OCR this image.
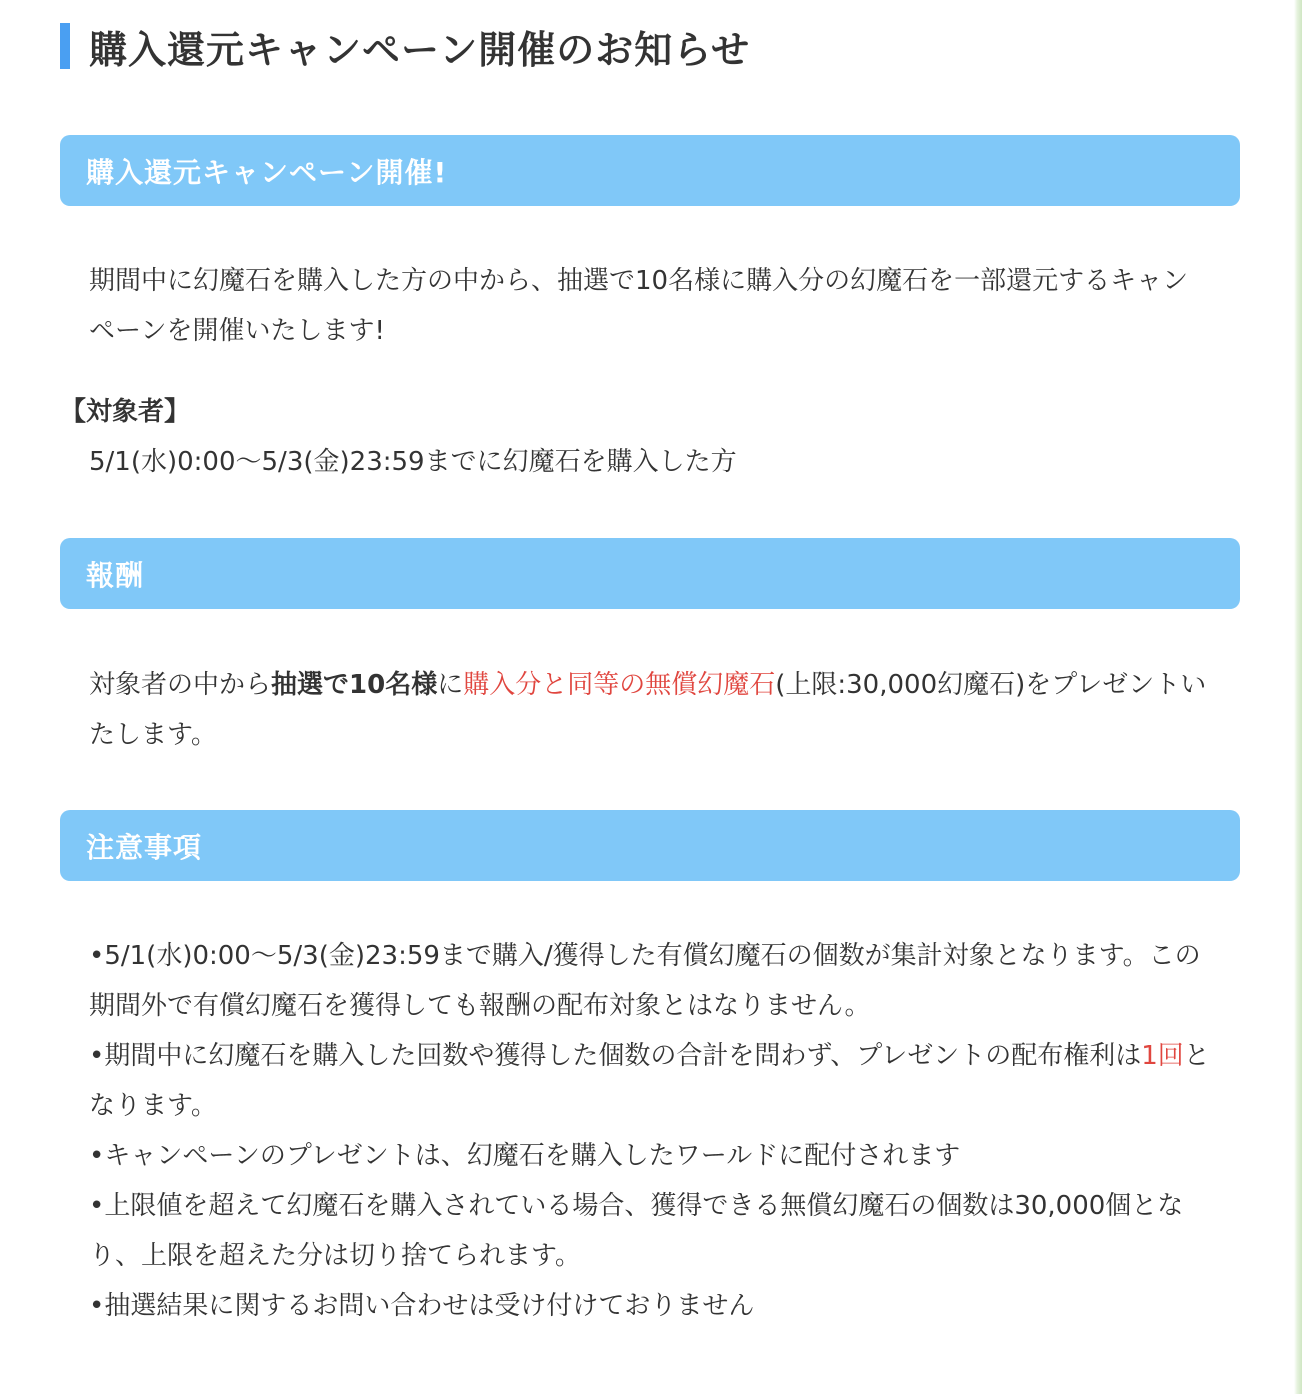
購入還元キャンペーン開催のお知らせ
購入還元キャンペーン開催!

期間中に幻魔石を購入した方の中から、抽選で10名様に購入分の幻魔石を一部還元するキャンペーンを開催いたします!

【対象者】

5/1(水)0:00〜5/3(金)23:59までに幻魔石を購入した方

報酬

対象者の中から抽選で10名様に購入分と同等の無償幻魔石(上限:30,000幻魔石)をプレゼントいたします。

注意事項
•5/1(水)0:00〜5/3(金)23:59まで購入/獲得した有償幻魔石の個数が集計対象となります。この期間外で有償幻魔石を獲得しても報酬の配布対象とはなりません。
•期間中に幻魔石を購入した回数や獲得した個数の合計を問わず、プレゼントの配布権利は1回となります。
•キャンペーンのプレゼントは、幻魔石を購入したワールドに配付されます
•上限値を超えて幻魔石を購入されている場合、獲得できる無償幻魔石の個数は30,000個となり、上限を超えた分は切り捨てられます。
•抽選結果に関するお問い合わせは受け付けておりません
